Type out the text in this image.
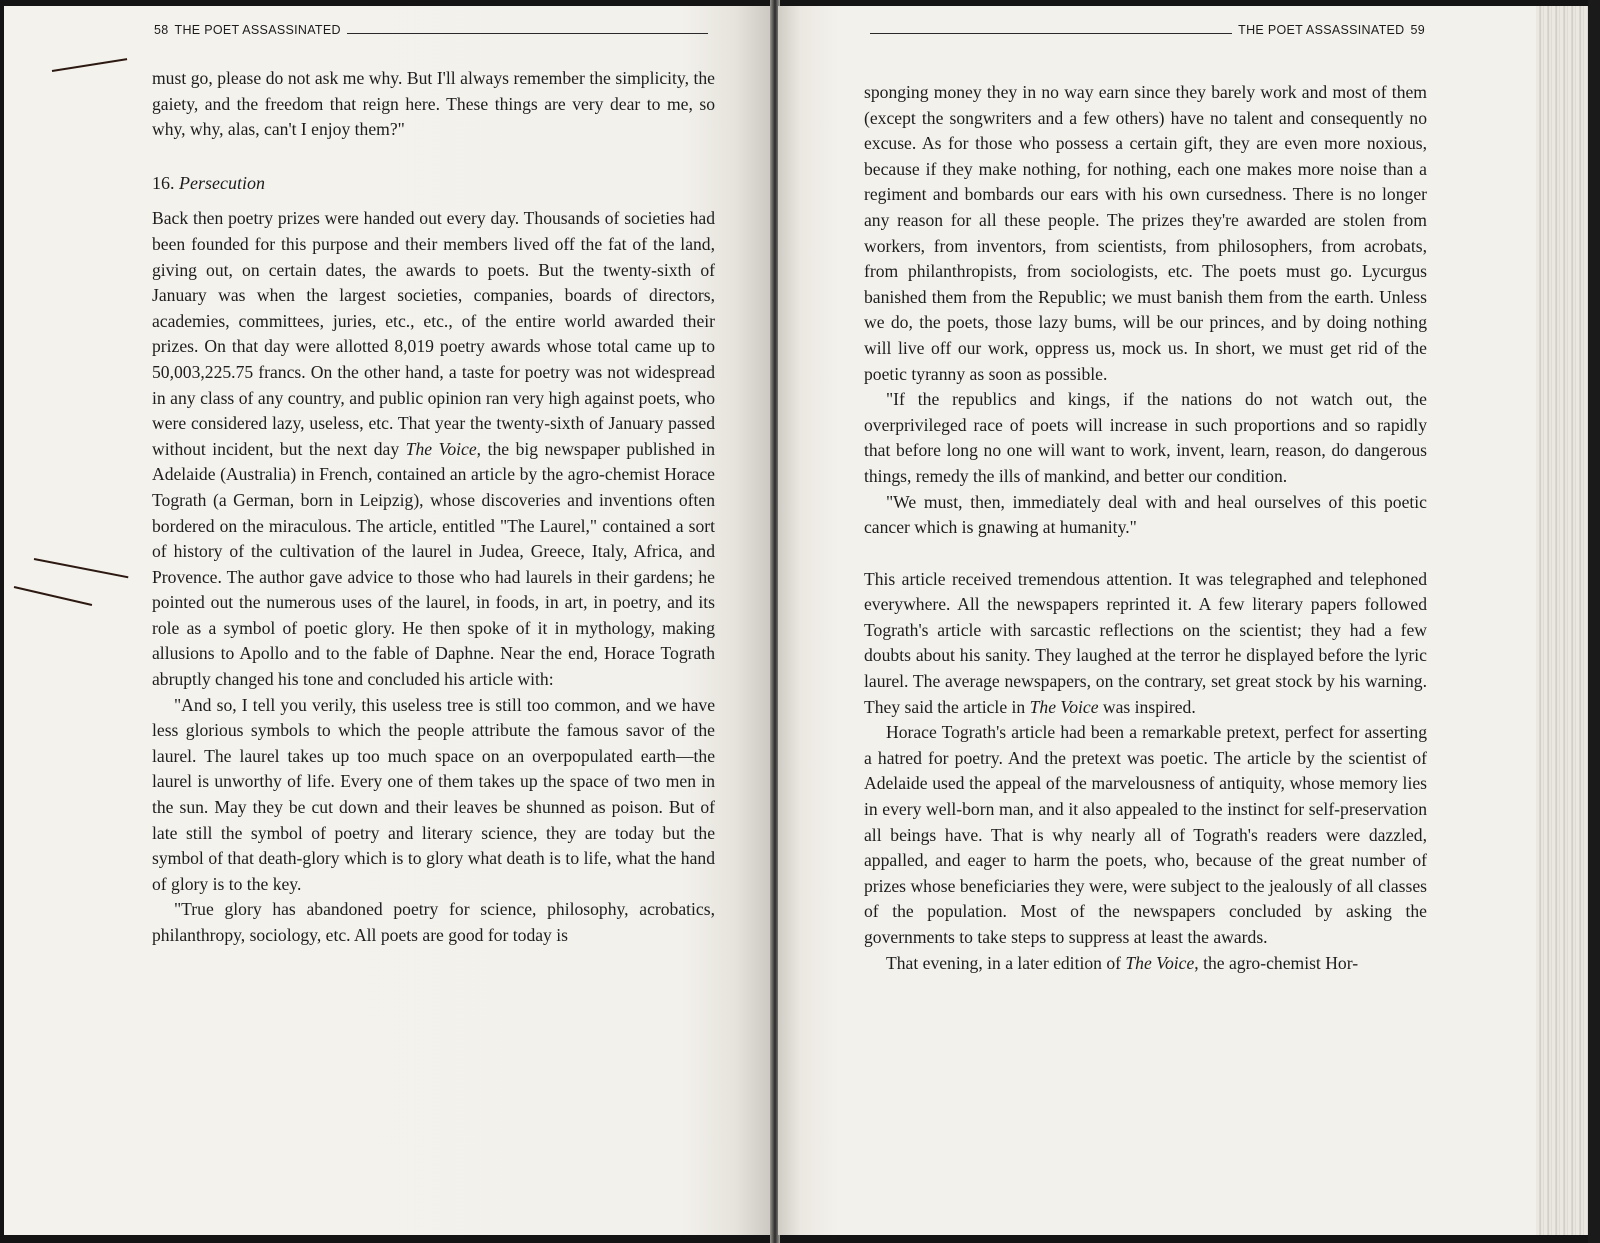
58 THE POET ASSASSINATED

must go, please do not ask me why. But I'll always remember the simplicity, the gaiety, and the freedom that reign here. These things are very dear to me, so why, why, alas, can't I enjoy them?"

16. Persecution

Back then poetry prizes were handed out every day. Thousands of societies had been founded for this purpose and their members lived off the fat of the land, giving out, on certain dates, the awards to poets. But the twenty-sixth of January was when the largest societies, companies, boards of directors, academies, committees, juries, etc., etc., of the entire world awarded their prizes. On that day were allotted 8,019 poetry awards whose total came up to 50,003,225.75 francs. On the other hand, a taste for poetry was not widespread in any class of any country, and public opinion ran very high against poets, who were considered lazy, useless, etc. That year the twenty-sixth of January passed without incident, but the next day The Voice, the big newspaper published in Adelaide (Australia) in French, contained an article by the agro-chemist Horace Tograth (a German, born in Leipzig), whose discoveries and inventions often bordered on the miraculous. The article, entitled "The Laurel," contained a sort of history of the cultivation of the laurel in Judea, Greece, Italy, Africa, and Provence. The author gave advice to those who had laurels in their gardens; he pointed out the numerous uses of the laurel, in foods, in art, in poetry, and its role as a symbol of poetic glory. He then spoke of it in mythology, making allusions to Apollo and to the fable of Daphne. Near the end, Horace Tograth abruptly changed his tone and concluded his article with:

"And so, I tell you verily, this useless tree is still too common, and we have less glorious symbols to which the people attribute the famous savor of the laurel. The laurel takes up too much space on an overpopulated earth—the laurel is unworthy of life. Every one of them takes up the space of two men in the sun. May they be cut down and their leaves be shunned as poison. But of late still the symbol of poetry and literary science, they are today but the symbol of that death-glory which is to glory what death is to life, what the hand of glory is to the key.

"True glory has abandoned poetry for science, philosophy, acrobatics, philanthropy, sociology, etc. All poets are good for today is

THE POET ASSASSINATED 59

sponging money they in no way earn since they barely work and most of them (except the songwriters and a few others) have no talent and consequently no excuse. As for those who possess a certain gift, they are even more noxious, because if they make nothing, for nothing, each one makes more noise than a regiment and bombards our ears with his own cursedness. There is no longer any reason for all these people. The prizes they're awarded are stolen from workers, from inventors, from scientists, from philosophers, from acrobats, from philanthropists, from sociologists, etc. The poets must go. Lycurgus banished them from the Republic; we must banish them from the earth. Unless we do, the poets, those lazy bums, will be our princes, and by doing nothing will live off our work, oppress us, mock us. In short, we must get rid of the poetic tyranny as soon as possible.

"If the republics and kings, if the nations do not watch out, the overprivileged race of poets will increase in such proportions and so rapidly that before long no one will want to work, invent, learn, reason, do dangerous things, remedy the ills of mankind, and better our condition.

"We must, then, immediately deal with and heal ourselves of this poetic cancer which is gnawing at humanity."

This article received tremendous attention. It was telegraphed and telephoned everywhere. All the newspapers reprinted it. A few literary papers followed Tograth's article with sarcastic reflections on the scientist; they had a few doubts about his sanity. They laughed at the terror he displayed before the lyric laurel. The average newspapers, on the contrary, set great stock by his warning. They said the article in The Voice was inspired.

Horace Tograth's article had been a remarkable pretext, perfect for asserting a hatred for poetry. And the pretext was poetic. The article by the scientist of Adelaide used the appeal of the marvelousness of antiquity, whose memory lies in every well-born man, and it also appealed to the instinct for self-preservation all beings have. That is why nearly all of Tograth's readers were dazzled, appalled, and eager to harm the poets, who, because of the great number of prizes whose beneficiaries they were, were subject to the jealously of all classes of the population. Most of the newspapers concluded by asking the governments to take steps to suppress at least the awards.

That evening, in a later edition of The Voice, the agro-chemist Hor-
